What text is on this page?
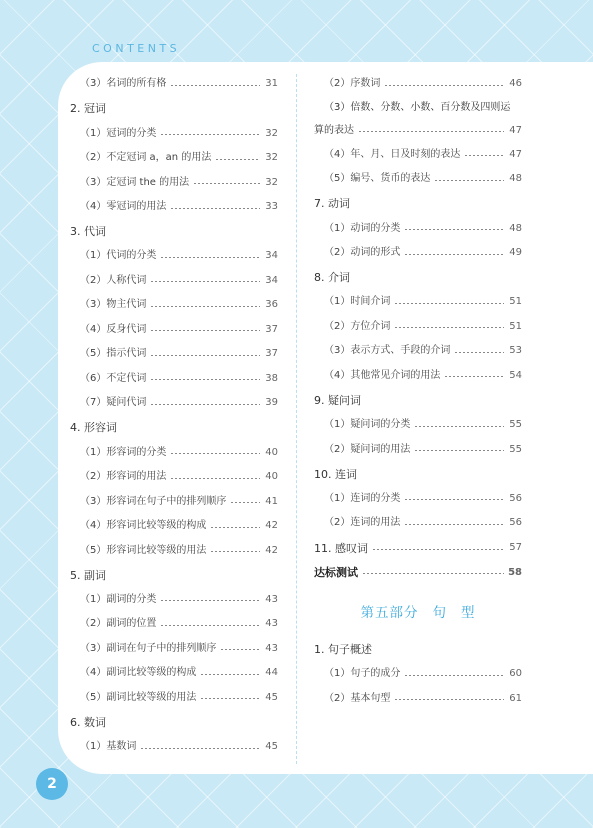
CONTENTS
（3）名词的所有格	31
2. 冠词
（1）冠词的分类	32
（2）不定冠词 a，an 的用法	32
（3）定冠词 the 的用法	32
（4）零冠词的用法	33
3. 代词
（1）代词的分类	34
（2）人称代词	34
（3）物主代词	36
（4）反身代词	37
（5）指示代词	37
（6）不定代词	38
（7）疑问代词	39
4. 形容词
（1）形容词的分类	40
（2）形容词的用法	40
（3）形容词在句子中的排列顺序	41
（4）形容词比较等级的构成	42
（5）形容词比较等级的用法	42
5. 副词
（1）副词的分类	43
（2）副词的位置	43
（3）副词在句子中的排列顺序	43
（4）副词比较等级的构成	44
（5）副词比较等级的用法	45
6. 数词
（1）基数词	45
（2）序数词	46
（3）倍数、分数、小数、百分数及四则运
算的表达	47
（4）年、月、日及时刻的表达	47
（5）编号、货币的表达	48
7. 动词
（1）动词的分类	48
（2）动词的形式	49
8. 介词
（1）时间介词	51
（2）方位介词	51
（3）表示方式、手段的介词	53
（4）其他常见介词的用法	54
9. 疑问词
（1）疑问词的分类	55
（2）疑问词的用法	55
10. 连词
（1）连词的分类	56
（2）连词的用法	56
11. 感叹词	57
达标测试	58
第五部分 句 型
1. 句子概述
（1）句子的成分	60
（2）基本句型	61
2
